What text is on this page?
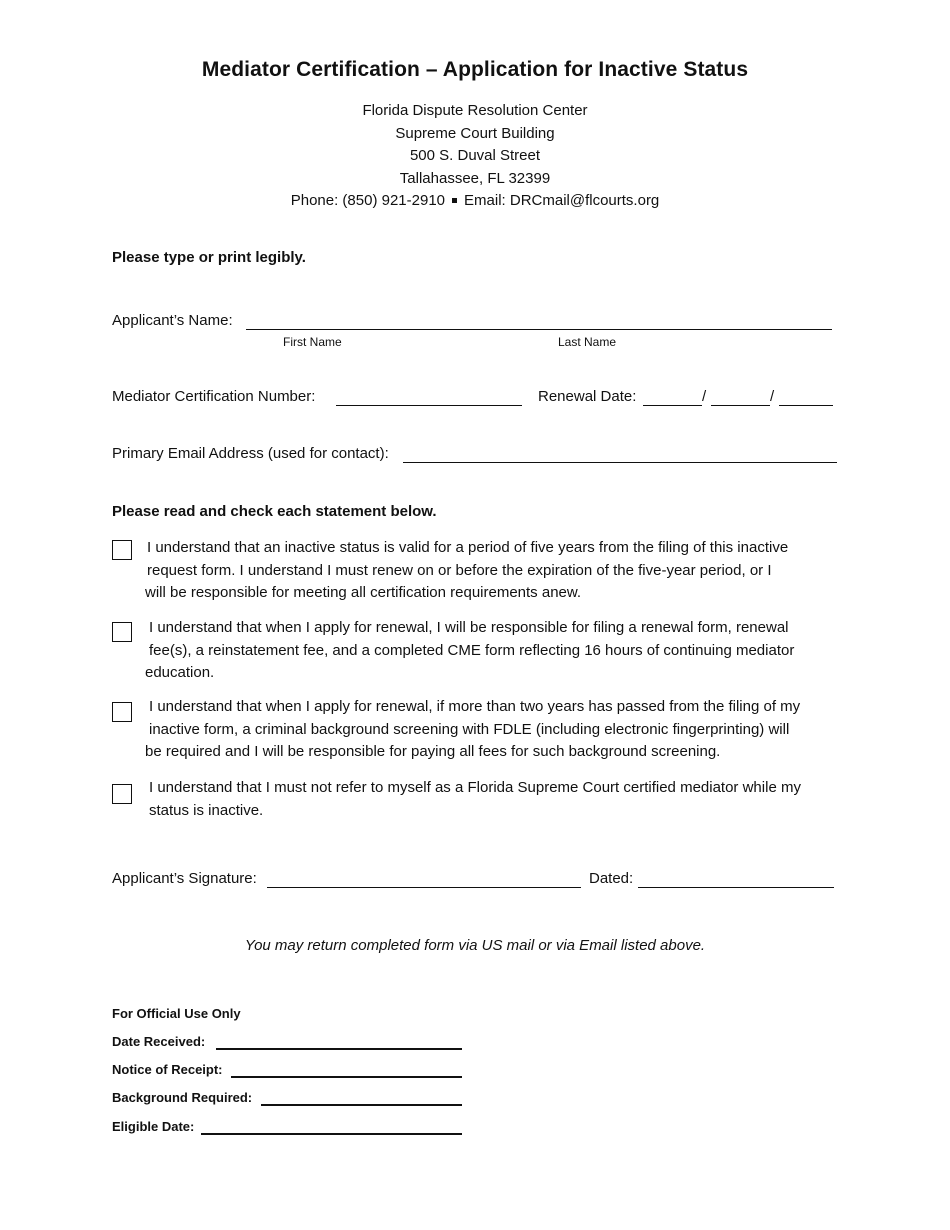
Mediator Certification – Application for Inactive Status
Florida Dispute Resolution Center
Supreme Court Building
500 S. Duval Street
Tallahassee, FL 32399
Phone: (850) 921-2910 Email: DRCmail@flcourts.org
Please type or print legibly.
Applicant’s Name:
First Name	Last Name
Mediator Certification Number:	Renewal Date:	/	/
Primary Email Address (used for contact):
Please read and check each statement below.
I understand that an inactive status is valid for a period of five years from the filing of this inactive
request form. I understand I must renew on or before the expiration of the five-year period, or I
will be responsible for meeting all certification requirements anew.
I understand that when I apply for renewal, I will be responsible for filing a renewal form, renewal
fee(s), a reinstatement fee, and a completed CME form reflecting 16 hours of continuing mediator
education.
I understand that when I apply for renewal, if more than two years has passed from the filing of my
inactive form, a criminal background screening with FDLE (including electronic fingerprinting) will
be required and I will be responsible for paying all fees for such background screening.
I understand that I must not refer to myself as a Florida Supreme Court certified mediator while my
status is inactive.
Applicant’s Signature:	Dated:
You may return completed form via US mail or via Email listed above.
For Official Use Only
Date Received:
Notice of Receipt:
Background Required:
Eligible Date:
